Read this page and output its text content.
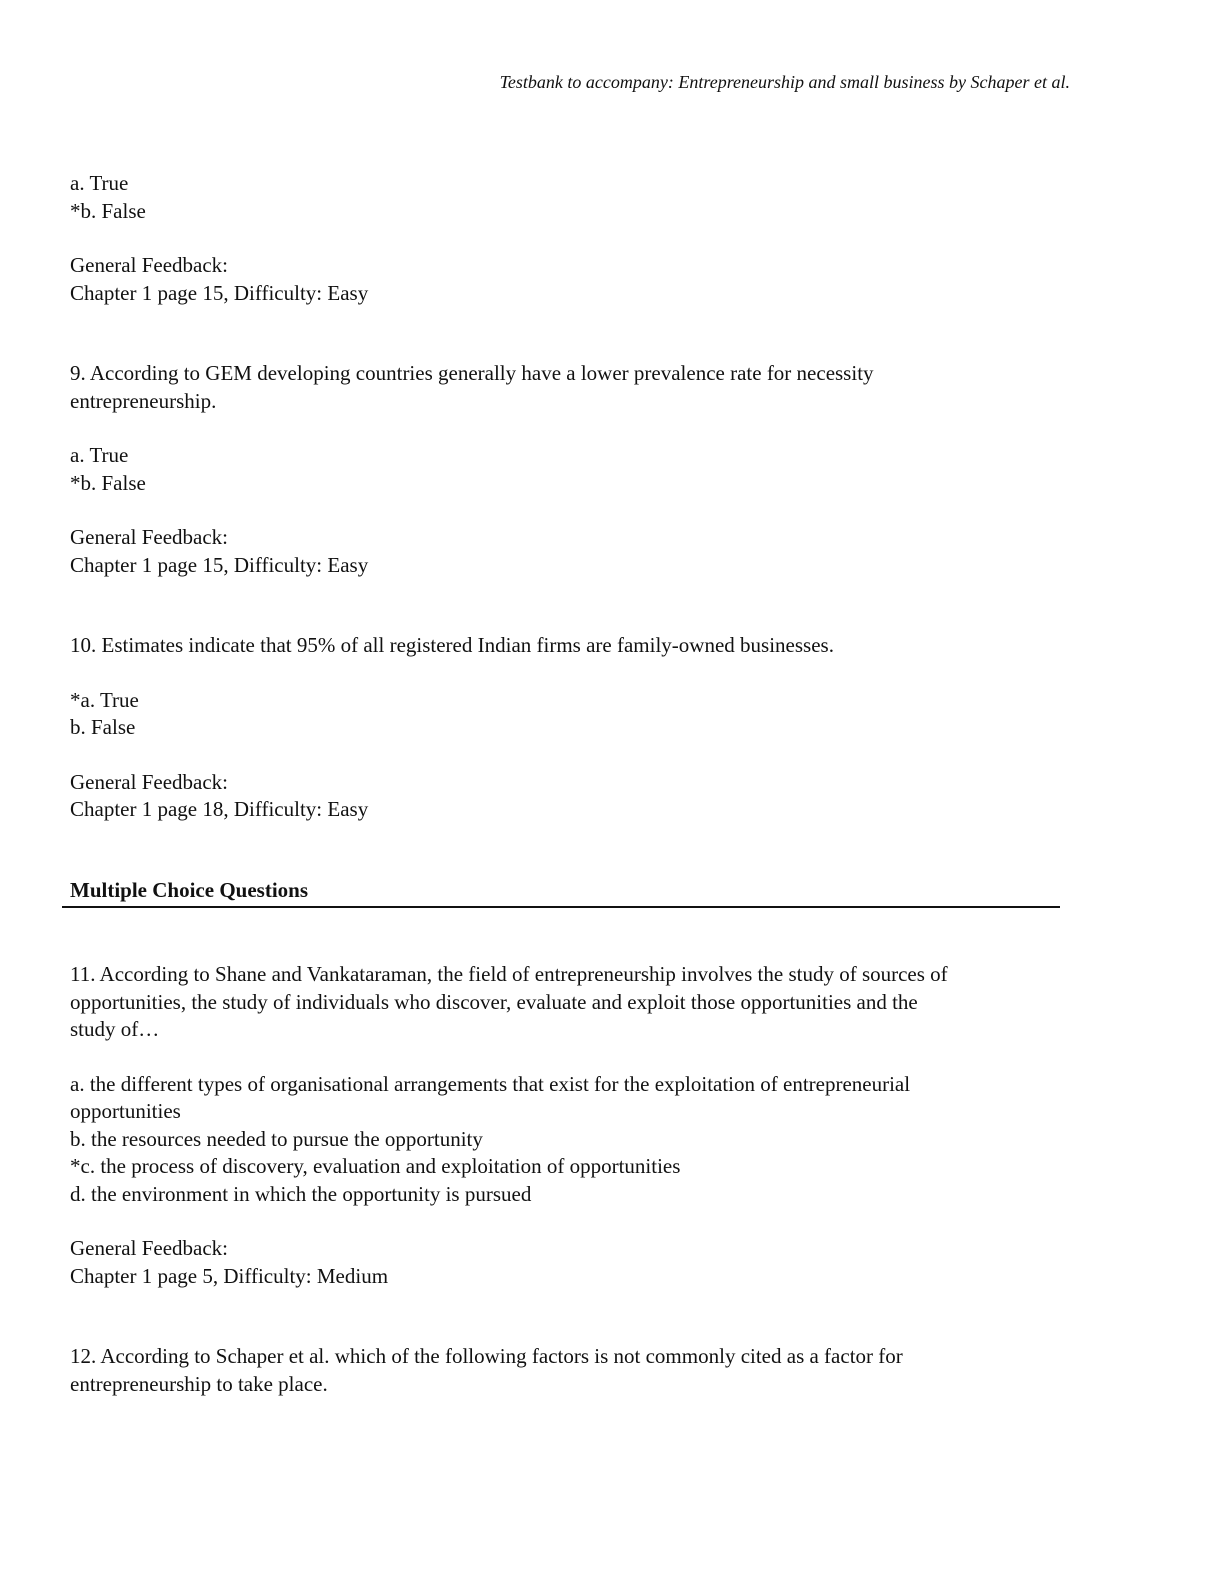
Testbank to accompany: Entrepreneurship and small business by Schaper et al.

a. True

*b. False

General Feedback:

Chapter 1 page 15, Difficulty: Easy

9. According to GEM developing countries generally have a lower prevalence rate for necessity

entrepreneurship.

a. True

*b. False

General Feedback:

Chapter 1 page 15, Difficulty: Easy

10. Estimates indicate that 95% of all registered Indian firms are family-owned businesses.

*a. True

b. False

General Feedback:

Chapter 1 page 18, Difficulty: Easy

Multiple Choice Questions

11. According to Shane and Vankataraman, the field of entrepreneurship involves the study of sources of

opportunities, the study of individuals who discover, evaluate and exploit those opportunities and the

study of…

a. the different types of organisational arrangements that exist for the exploitation of entrepreneurial

opportunities

b. the resources needed to pursue the opportunity

*c. the process of discovery, evaluation and exploitation of opportunities

d. the environment in which the opportunity is pursued

General Feedback:

Chapter 1 page 5, Difficulty: Medium

12. According to Schaper et al. which of the following factors is not commonly cited as a factor for

entrepreneurship to take place.
